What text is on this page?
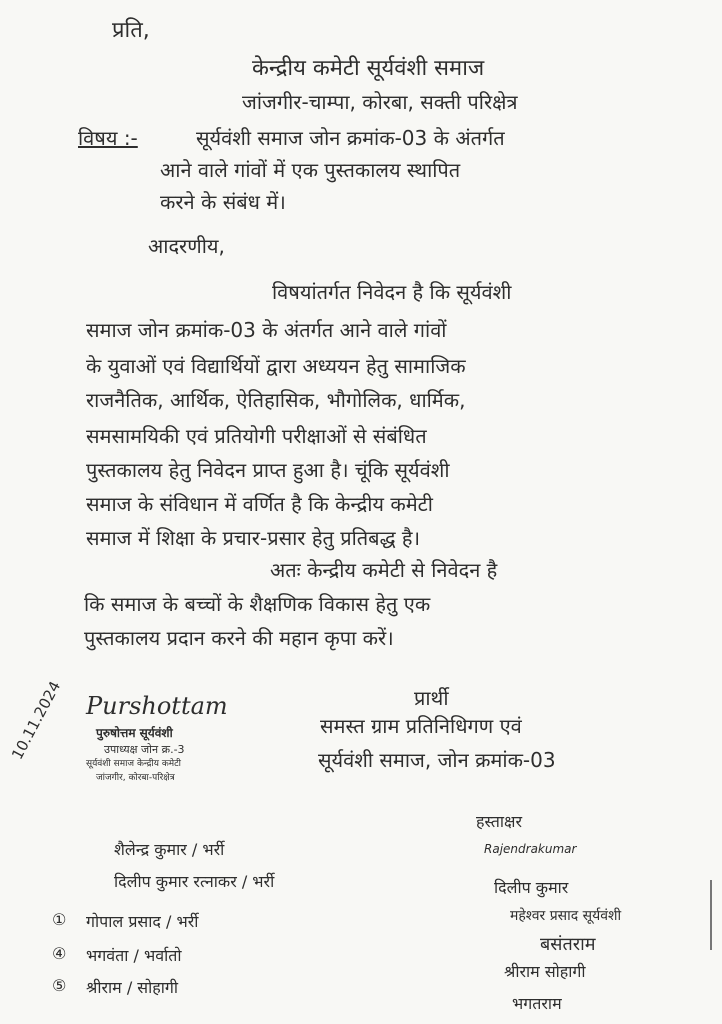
प्रति,
केन्द्रीय कमेटी सूर्यवंशी समाज
जांजगीर-चाम्पा, कोरबा, सक्ती परिक्षेत्र
विषय :-	सूर्यवंशी समाज जोन क्रमांक-03 के अंतर्गत
आने वाले गांवों में एक पुस्तकालय स्थापित
करने के संबंध में।
आदरणीय,
विषयांतर्गत निवेदन है कि सूर्यवंशी
समाज जोन क्रमांक-03 के अंतर्गत आने वाले गांवों
के युवाओं एवं विद्यार्थियों द्वारा अध्ययन हेतु सामाजिक
राजनैतिक, आर्थिक, ऐतिहासिक, भौगोलिक, धार्मिक,
समसामयिकी एवं प्रतियोगी परीक्षाओं से संबंधित
पुस्तकालय हेतु निवेदन प्राप्त हुआ है। चूंकि सूर्यवंशी
समाज के संविधान में वर्णित है कि केन्द्रीय कमेटी
समाज में शिक्षा के प्रचार-प्रसार हेतु प्रतिबद्ध है।
अतः केन्द्रीय कमेटी से निवेदन है
कि समाज के बच्चों के शैक्षणिक विकास हेतु एक
पुस्तकालय प्रदान करने की महान कृपा करें।
प्रार्थी
समस्त ग्राम प्रतिनिधिगण एवं
सूर्यवंशी समाज, जोन क्रमांक-03
10.11.2024 Purshottam
पुरुषोत्तम सूर्यवंशी
उपाध्यक्ष जोन क्र.-3
सूर्यवंशी समाज केन्द्रीय कमेटी
जांजगीर, कोरबा-परिक्षेत्र
शैलेन्द्र कुमार / भर्री
दिलीप कुमार रत्नाकर / भर्री
① गोपाल प्रसाद / भर्री
④ भगवंता / भर्वातो
⑤ श्रीराम / सोहागी
हस्ताक्षर
Rajendrakumar
दिलीप कुमार
महेश्वर प्रसाद सूर्यवंशी
बसंतराम
श्रीराम सोहागी
भगतराम
